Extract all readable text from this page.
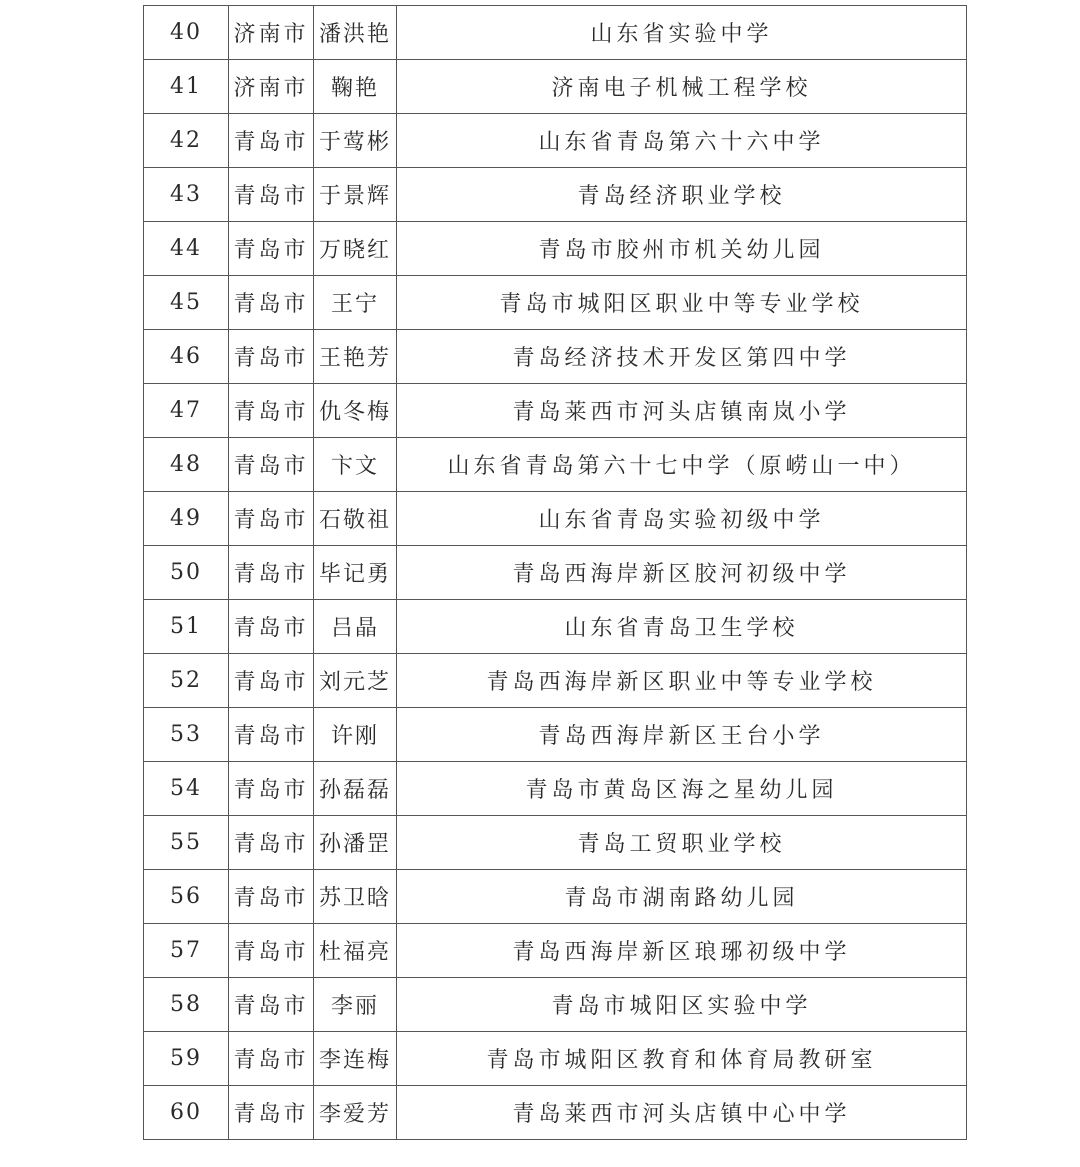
40	济南市	潘洪艳	山东省实验中学
41	济南市	鞠艳	济南电子机械工程学校
42	青岛市	于莺彬	山东省青岛第六十六中学
43	青岛市	于景辉	青岛经济职业学校
44	青岛市	万晓红	青岛市胶州市机关幼儿园
45	青岛市	王宁	青岛市城阳区职业中等专业学校
46	青岛市	王艳芳	青岛经济技术开发区第四中学
47	青岛市	仇冬梅	青岛莱西市河头店镇南岚小学
48	青岛市	卞文	山东省青岛第六十七中学（原崂山一中）
49	青岛市	石敬祖	山东省青岛实验初级中学
50	青岛市	毕记勇	青岛西海岸新区胶河初级中学
51	青岛市	吕晶	山东省青岛卫生学校
52	青岛市	刘元芝	青岛西海岸新区职业中等专业学校
53	青岛市	许刚	青岛西海岸新区王台小学
54	青岛市	孙磊磊	青岛市黄岛区海之星幼儿园
55	青岛市	孙潘罡	青岛工贸职业学校
56	青岛市	苏卫晗	青岛市湖南路幼儿园
57	青岛市	杜福亮	青岛西海岸新区琅琊初级中学
58	青岛市	李丽	青岛市城阳区实验中学
59	青岛市	李连梅	青岛市城阳区教育和体育局教研室
60	青岛市	李爱芳	青岛莱西市河头店镇中心中学
